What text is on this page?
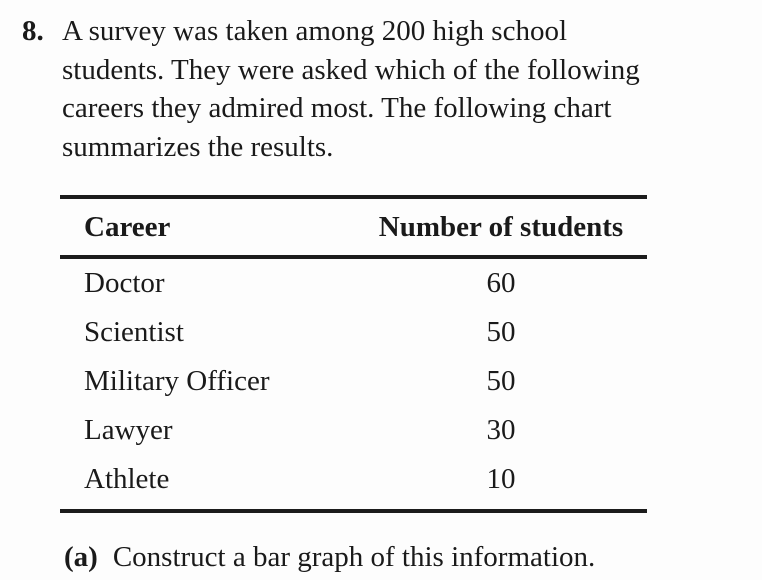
8. A survey was taken among 200 high school
students. They were asked which of the following
careers they admired most. The following chart
summarizes the results.
Career	Number of students
Doctor	60
Scientist	50
Military Officer	50
Lawyer	30
Athlete	10
(a) Construct a bar graph of this information.
